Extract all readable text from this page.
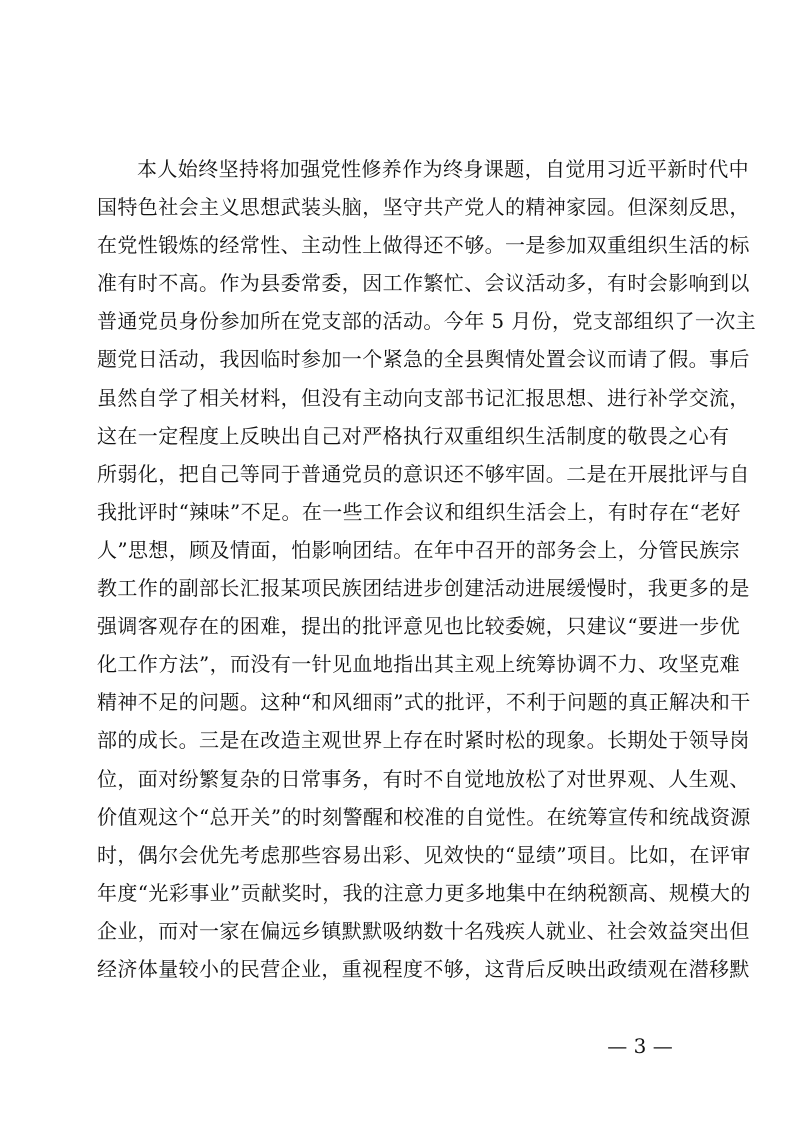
本人始终坚持将加强党性修养作为终身课题，自觉用习近平新时代中
国特色社会主义思想武装头脑，坚守共产党人的精神家园。但深刻反思，
在党性锻炼的经常性、主动性上做得还不够。一是参加双重组织生活的标
准有时不高。作为县委常委，因工作繁忙、会议活动多，有时会影响到以
普通党员身份参加所在党支部的活动。今年 5 月份，党支部组织了一次主
题党日活动，我因临时参加一个紧急的全县舆情处置会议而请了假。事后
虽然自学了相关材料，但没有主动向支部书记汇报思想、进行补学交流，
这在一定程度上反映出自己对严格执行双重组织生活制度的敬畏之心有
所弱化，把自己等同于普通党员的意识还不够牢固。二是在开展批评与自
我批评时“辣味”不足。在一些工作会议和组织生活会上，有时存在“老好
人”思想，顾及情面，怕影响团结。在年中召开的部务会上，分管民族宗
教工作的副部长汇报某项民族团结进步创建活动进展缓慢时，我更多的是
强调客观存在的困难，提出的批评意见也比较委婉，只建议“要进一步优
化工作方法”，而没有一针见血地指出其主观上统筹协调不力、攻坚克难
精神不足的问题。这种“和风细雨”式的批评，不利于问题的真正解决和干
部的成长。三是在改造主观世界上存在时紧时松的现象。长期处于领导岗
位，面对纷繁复杂的日常事务，有时不自觉地放松了对世界观、人生观、
价值观这个“总开关”的时刻警醒和校准的自觉性。在统筹宣传和统战资源
时，偶尔会优先考虑那些容易出彩、见效快的“显绩”项目。比如，在评审
年度“光彩事业”贡献奖时，我的注意力更多地集中在纳税额高、规模大的
企业，而对一家在偏远乡镇默默吸纳数十名残疾人就业、社会效益突出但
经济体量较小的民营企业，重视程度不够，这背后反映出政绩观在潜移默
— 3 —
